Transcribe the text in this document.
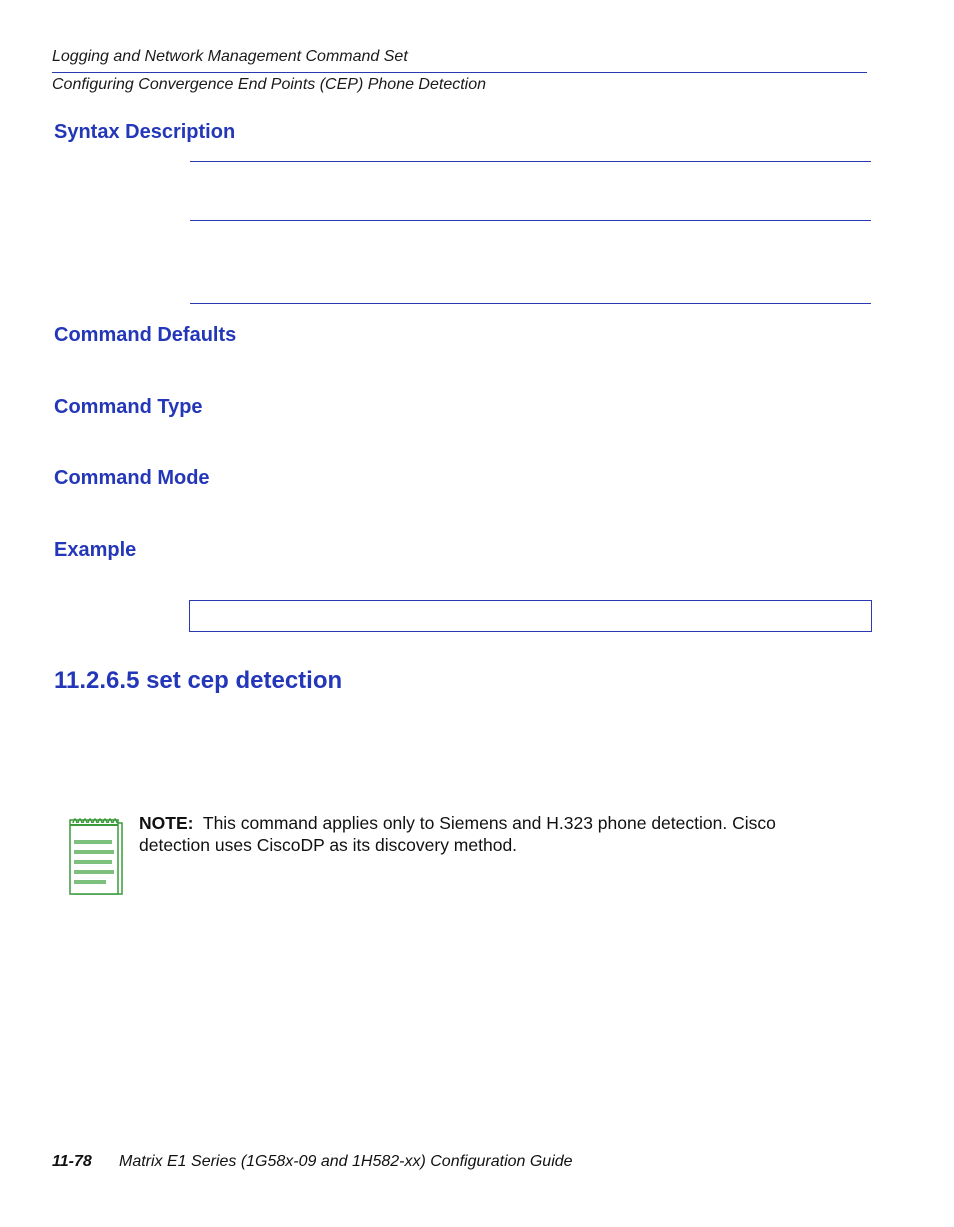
Logging and Network Management Command Set
Configuring Convergence End Points (CEP) Phone Detection
Syntax Description
Command Defaults
Command Type
Command Mode
Example
11.2.6.5 set cep detection
NOTE: This command applies only to Siemens and H.323 phone detection. Cisco detection uses CiscoDP as its discovery method.
11-78 Matrix E1 Series (1G58x-09 and 1H582-xx) Configuration Guide
